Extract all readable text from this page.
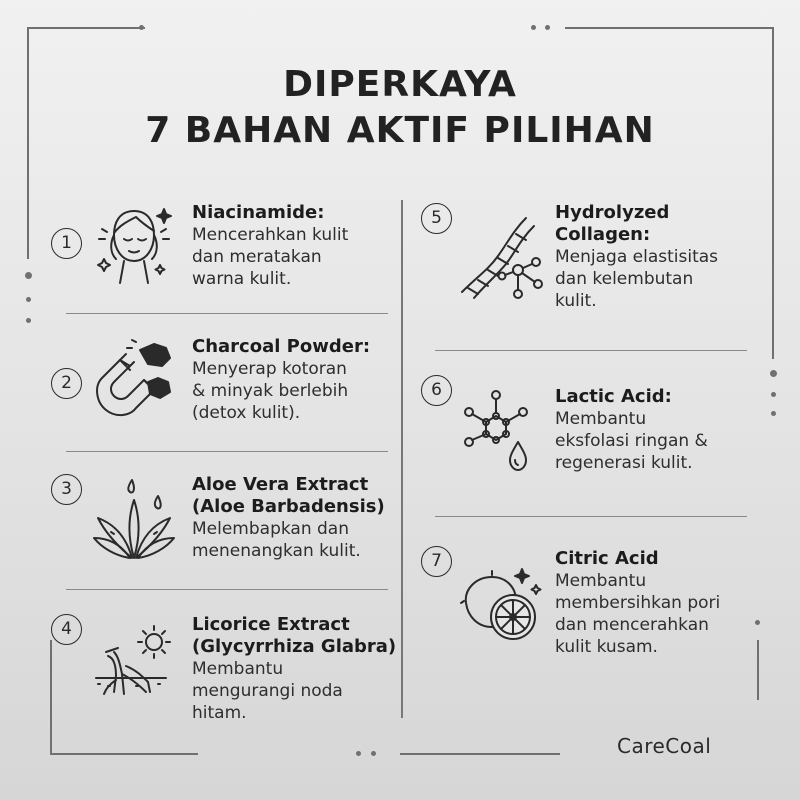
DIPERKAYA
7 BAHAN AKTIF PILIHAN
1
Niacinamide:
Mencerahkan kulit
dan meratakan
warna kulit.
2
Charcoal Powder:
Menyerap kotoran
& minyak berlebih
(detox kulit).
3	Aloe Vera Extract
(Aloe Barbadensis)
Melembapkan dan
menenangkan kulit.
4	Licorice Extract
(Glycyrrhiza Glabra)
Membantu
mengurangi noda
hitam.
5	Hydrolyzed
Collagen:
Menjaga elastisitas
dan kelembutan
kulit.
6	Lactic Acid:
Membantu
eksfolasi ringan &
regenerasi kulit.
7	Citric Acid
Membantu
membersihkan pori
dan mencerahkan
kulit kusam.
CareCoal
